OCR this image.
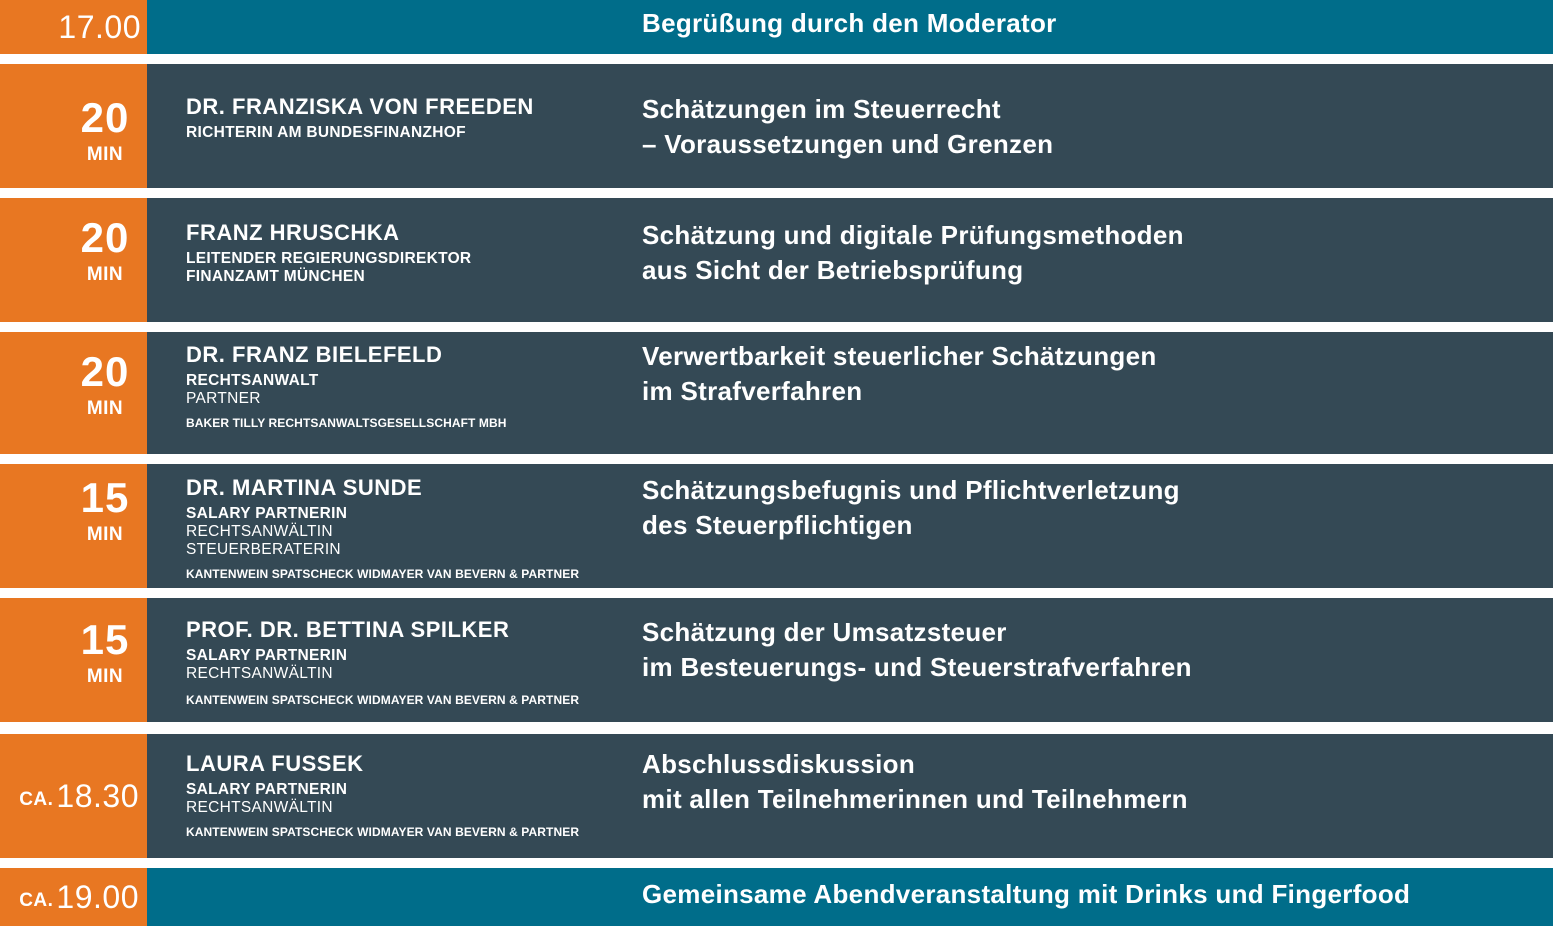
17.00	Begrüßung durch den Moderator
20
MIN
DR. FRANZISKA VON FREEDEN
RICHTERIN AM BUNDESFINANZHOF
Schätzungen im Steuerrecht
– Voraussetzungen und Grenzen
20
MIN
FRANZ HRUSCHKA
LEITENDER REGIERUNGSDIREKTOR
FINANZAMT MÜNCHEN
Schätzung und digitale Prüfungsmethoden
aus Sicht der Betriebsprüfung
20
MIN
DR. FRANZ BIELEFELD
RECHTSANWALT
PARTNER
BAKER TILLY RECHTSANWALTSGESELLSCHAFT MBH
Verwertbarkeit steuerlicher Schätzungen
im Strafverfahren
15
MIN
DR. MARTINA SUNDE
SALARY PARTNERIN
RECHTSANWÄLTIN
STEUERBERATERIN
KANTENWEIN SPATSCHECK WIDMAYER VAN BEVERN & PARTNER
Schätzungsbefugnis und Pflichtverletzung
des Steuerpflichtigen
15
MIN
PROF. DR. BETTINA SPILKER
SALARY PARTNERIN
RECHTSANWÄLTIN
KANTENWEIN SPATSCHECK WIDMAYER VAN BEVERN & PARTNER
Schätzung der Umsatzsteuer
im Besteuerungs- und Steuerstrafverfahren
CA. 18.30
LAURA FUSSEK
SALARY PARTNERIN
RECHTSANWÄLTIN
KANTENWEIN SPATSCHECK WIDMAYER VAN BEVERN & PARTNER
Abschlussdiskussion
mit allen Teilnehmerinnen und Teilnehmern
CA. 19.00	Gemeinsame Abendveranstaltung mit Drinks und Fingerfood
